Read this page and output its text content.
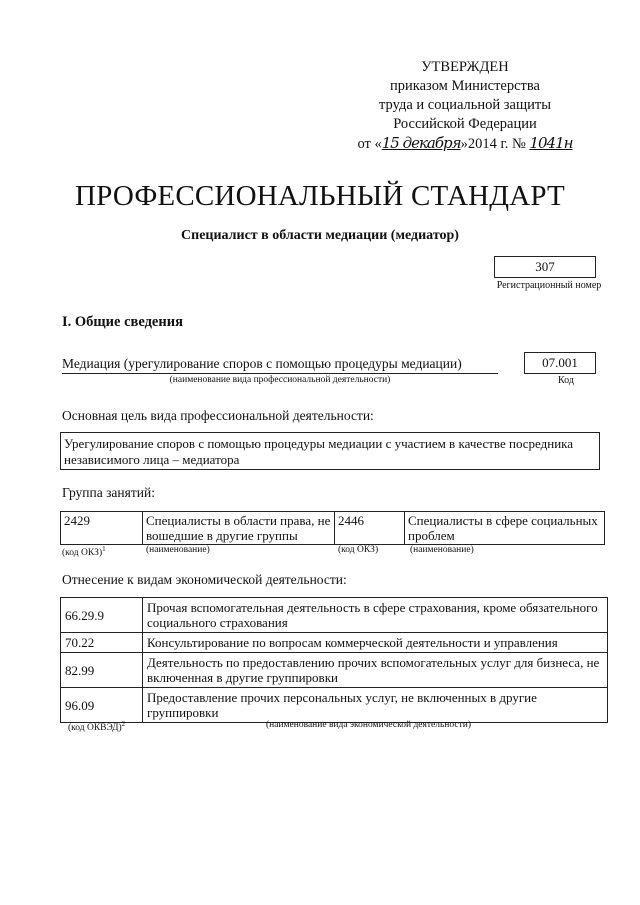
УТВЕРЖДЕН
приказом Министерства
труда и социальной защиты
Российской Федерации
от «15 декабря»2014 г. № 1041н
ПРОФЕССИОНАЛЬНЫЙ СТАНДАРТ
Специалист в области медиации (медиатор)
307
Регистрационный номер
I. Общие сведения
Медиация (урегулирование споров с помощью процедуры медиации)
(наименование вида профессиональной деятельности)
07.001
Код
Основная цель вида профессиональной деятельности:
Урегулирование споров с помощью процедуры медиации с участием в качестве посредника независимого лица – медиатора
Группа занятий:
2429	Специалисты в области права, не вошедшие в другие группы	2446	Специалисты в сфере социальных проблем
(код ОКЗ)$^1$	(наименование)	(код ОКЗ)	(наименование)
Отнесение к видам экономической деятельности:
66.29.9	Прочая вспомогательная деятельность в сфере страхования, кроме обязательного социального страхования
70.22	Консультирование по вопросам коммерческой деятельности и управления
82.99	Деятельность по предоставлению прочих вспомогательных услуг для бизнеса, не включенная в другие группировки
96.09	Предоставление прочих персональных услуг, не включенных в другие группировки
(код ОКВЭД)$^2$	(наименование вида экономической деятельности)
